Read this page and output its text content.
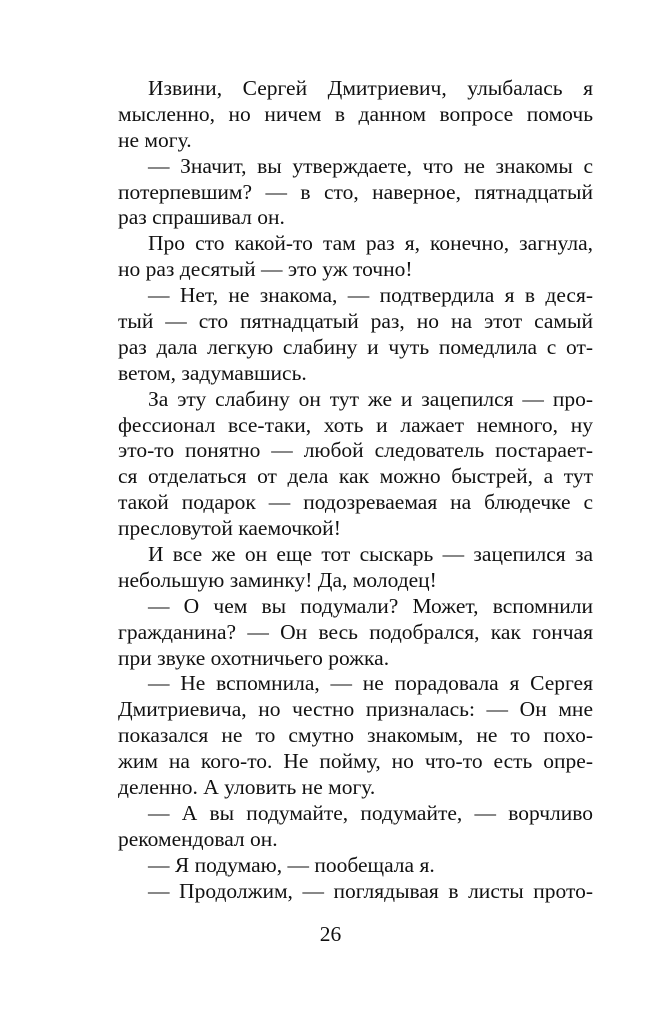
Извини, Сергей Дмитриевич, улыбалась я
мысленно, но ничем в данном вопросе помочь
не могу.
— Значит, вы утверждаете, что не знакомы с
потерпевшим? — в сто, наверное, пятнадцатый
раз спрашивал он.
Про сто какой-то там раз я, конечно, загнула,
но раз десятый — это уж точно!
— Нет, не знакома, — подтвердила я в деся-
тый — сто пятнадцатый раз, но на этот самый
раз дала легкую слабину и чуть помедлила с от-
ветом, задумавшись.
За эту слабину он тут же и зацепился — про-
фессионал все-таки, хоть и лажает немного, ну
это-то понятно — любой следователь постарает-
ся отделаться от дела как можно быстрей, а тут
такой подарок — подозреваемая на блюдечке с
пресловутой каемочкой!
И все же он еще тот сыскарь — зацепился за
небольшую заминку! Да, молодец!
— О чем вы подумали? Может, вспомнили
гражданина? — Он весь подобрался, как гончая
при звуке охотничьего рожка.
— Не вспомнила, — не порадовала я Сергея
Дмитриевича, но честно призналась: — Он мне
показался не то смутно знакомым, не то похо-
жим на кого-то. Не пойму, но что-то есть опре-
деленно. А уловить не могу.
— А вы подумайте, подумайте, — ворчливо
рекомендовал он.
— Я подумаю, — пообещала я.
— Продолжим, — поглядывая в листы прото-
26
